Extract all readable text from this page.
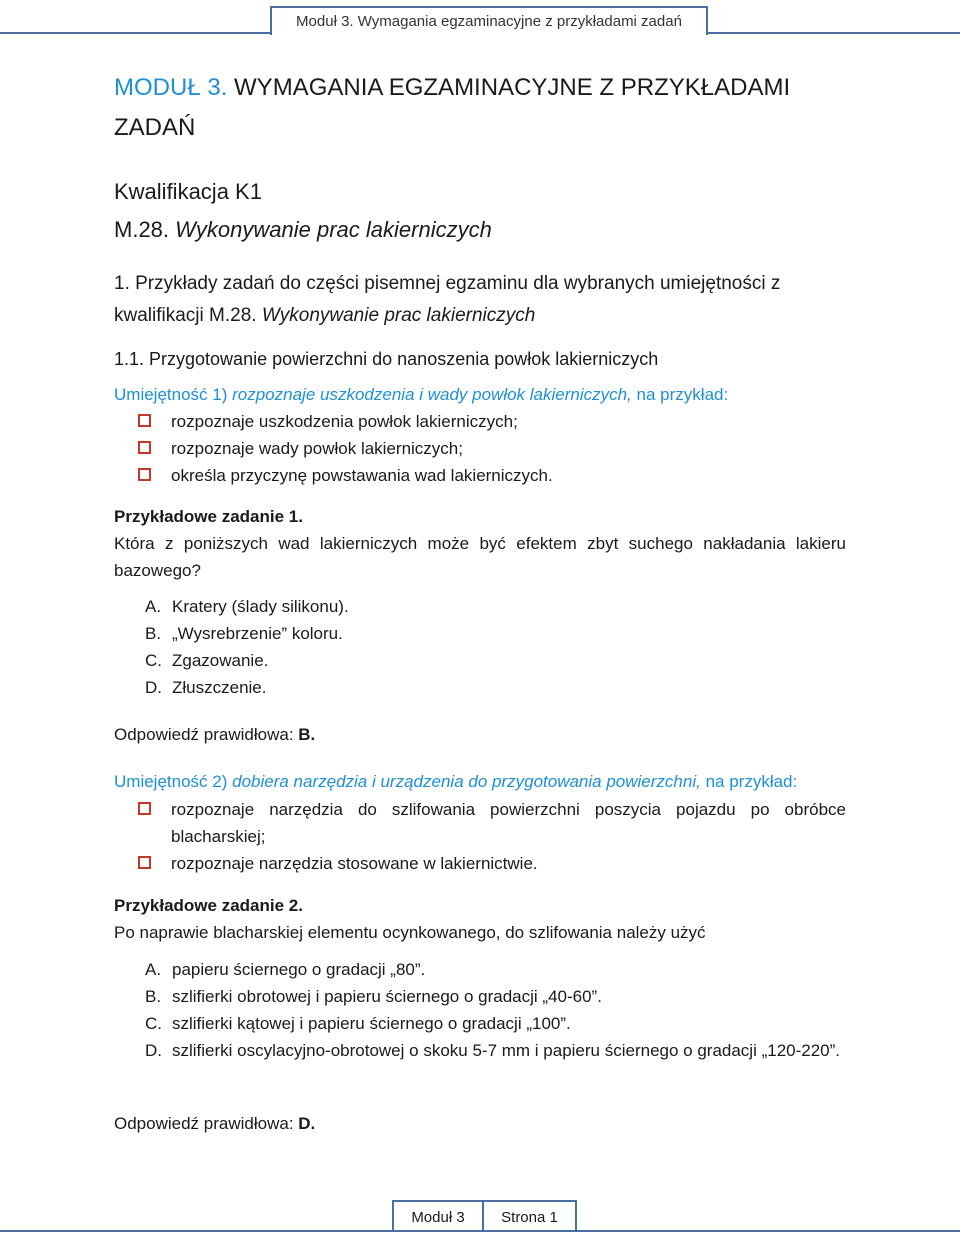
Moduł 3. Wymagania egzaminacyjne z przykładami zadań
MODUŁ 3. WYMAGANIA EGZAMINACYJNE Z PRZYKŁADAMI ZADAŃ
Kwalifikacja K1
M.28. Wykonywanie prac lakierniczych
1. Przykłady zadań do części pisemnej egzaminu dla wybranych umiejętności z kwalifikacji M.28. Wykonywanie prac lakierniczych
1.1. Przygotowanie powierzchni do nanoszenia powłok lakierniczych
Umiejętność 1) rozpoznaje uszkodzenia i wady powłok lakierniczych, na przykład:
rozpoznaje uszkodzenia powłok lakierniczych;
rozpoznaje wady powłok lakierniczych;
określa przyczynę powstawania wad lakierniczych.
Przykładowe zadanie 1.
Która z poniższych wad lakierniczych może być efektem zbyt suchego nakładania lakieru bazowego?
A. Kratery (ślady silikonu).
B. „Wysrebrzenie” koloru.
C. Zgazowanie.
D. Złuszczenie.
Odpowiedź prawidłowa: B.
Umiejętność 2) dobiera narzędzia i urządzenia do przygotowania powierzchni, na przykład:
rozpoznaje narzędzia do szlifowania powierzchni poszycia pojazdu po obróbce blacharskiej;
rozpoznaje narzędzia stosowane w lakiernictwie.
Przykładowe zadanie 2.
Po naprawie blacharskiej elementu ocynkowanego, do szlifowania należy użyć
A. papieru ściernego o gradacji „80”.
B. szlifierki obrotowej i papieru ściernego o gradacji „40-60”.
C. szlifierki kątowej i papieru ściernego o gradacji „100”.
D. szlifierki oscylacyjno-obrotowej o skoku 5-7 mm i papieru ściernego o gradacji „120-220”.
Odpowiedź prawidłowa: D.
Moduł 3	Strona 1
